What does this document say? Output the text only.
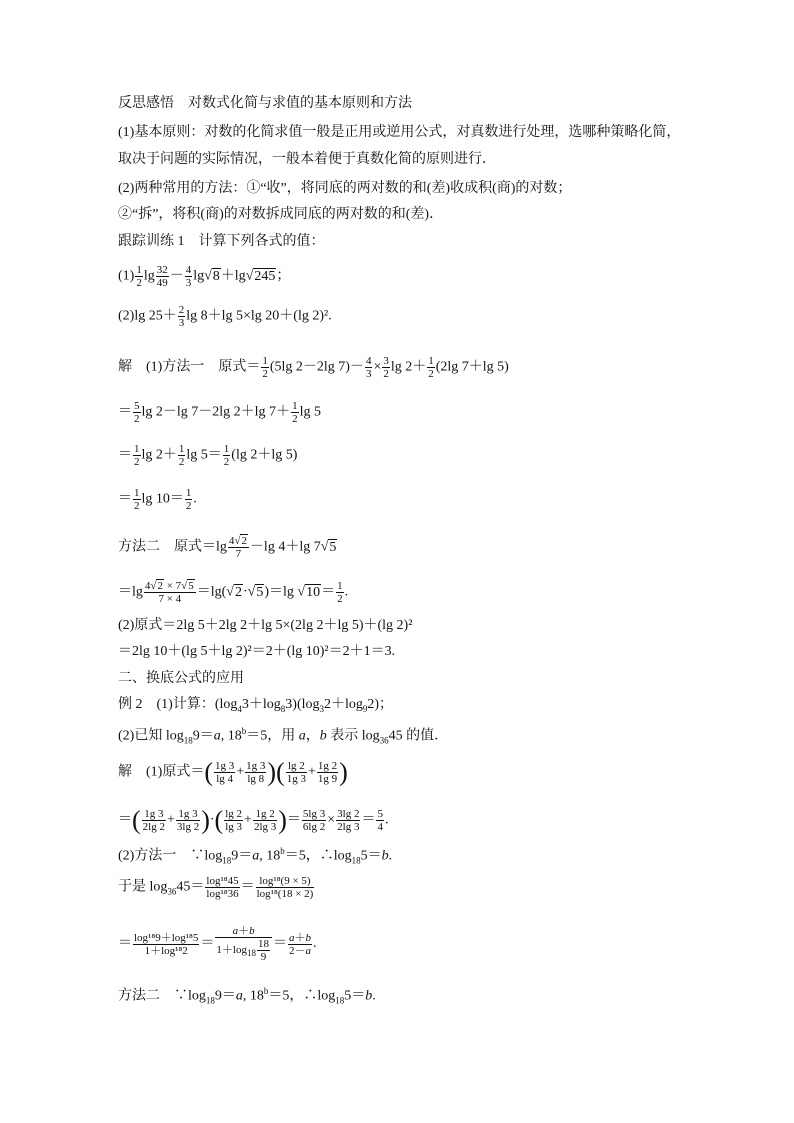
反思感悟　对数式化简与求值的基本原则和方法
(1)基本原则：对数的化简求值一般是正用或逆用公式，对真数进行处理，选哪种策略化简，
取决于问题的实际情况，一般本着便于真数化简的原则进行．
(2)两种常用的方法：①“收”，将同底的两对数的和(差)收成积(商)的对数；
②“拆”，将积(商)的对数拆成同底的两对数的和(差)．
跟踪训练 1　计算下列各式的值：
$(1) \frac{1}{2}$ $\lg \frac{32}{49} - \frac{4}{3} \lg√8+\lg√245$；
(2)lg $25+ \frac{2}{3}$ lg 8＋lg 5×lg 20＋(lg 2)².
解　(1)方法一　原式＝ $\frac{1}{2} (5\lg$ 2－2lg $7)- \frac{4}{3} \times \frac{3}{2}$ $\lg 2+ \frac{1}{2} (2\lg$ 7＋lg 5)
＝ $\frac{5}{2}$ lg 2－lg 7－2lg 2＋lg $7+ \frac{1}{2}$ lg 5
＝ $\frac{1}{2}$ $\lg 2+ \frac{1}{2}$ $\lg 5= \frac{1}{2} (\lg$ 2＋lg 5)
＝ $\frac{1}{2}$ $\lg 10= \frac{1}{2}$ .
方法二　原式$=\lg \frac{4√2}{7} -\lg$ 4＋lg 7√5
$=\lg \frac{4√2 \times 7√5}{7 \times 4} =\lg(√2\cdot√5)=\lg$ $√10= \frac{1}{2}$ .
(2)原式＝2lg 5＋2lg 2＋lg 5×(2lg 2＋lg 5)＋(lg 2)²
＝2lg 10＋(lg 5＋lg 2)²＝2＋(lg 10)²＝2＋1＝3.
二、换底公式的应用
例 2　(1)计算：$(\log_43+\log_83)(\log_32+\log_92)$；
(2)已知 $\log_{18}9=a$, $18^b=5$，用 a，b 表示 $\log_{36}45$ 的值．
解　(1)原式＝( $\frac{1g 3}{\lg 4} + \frac{1g 3}{\lg 8}$ )( $\frac{\lg 2}{1g 3} + \frac{1g 2}{1g 9}$ )
＝( $\frac{1g 3}{2\lg 2} + \frac{1g 3}{3\lg 2}$ )·( $\frac{\lg 2}{\lg 3} + \frac{1g 2}{2\lg 3}$ )＝ $\frac{5\lg 3}{6\lg 2} \times \frac{3\lg 2}{2\lg 3} = \frac{5}{4}$ .
(2)方法一　$\because\log_{18}9=a$, $18^b=5$，$\therefore\log_{18}5=b$.
于是 $\log_{36}45= \frac{\text{log¹⁸45}}{\text{log¹⁸36}} = \frac{\text{log¹⁸(9 × 5)}}{\text{log¹⁸(18 × 2)}}$
＝ $\frac{\text{log¹⁸9＋log¹⁸5}}{\text{1＋log¹⁸2}} = \frac{a+b}{1+\log_{18} \frac{18}{9}} = \frac{a+b}{2-a}$ .
方法二　$\because\log_{18}9=a$, $18^b=5$，$\therefore\log_{18}5=b$.
